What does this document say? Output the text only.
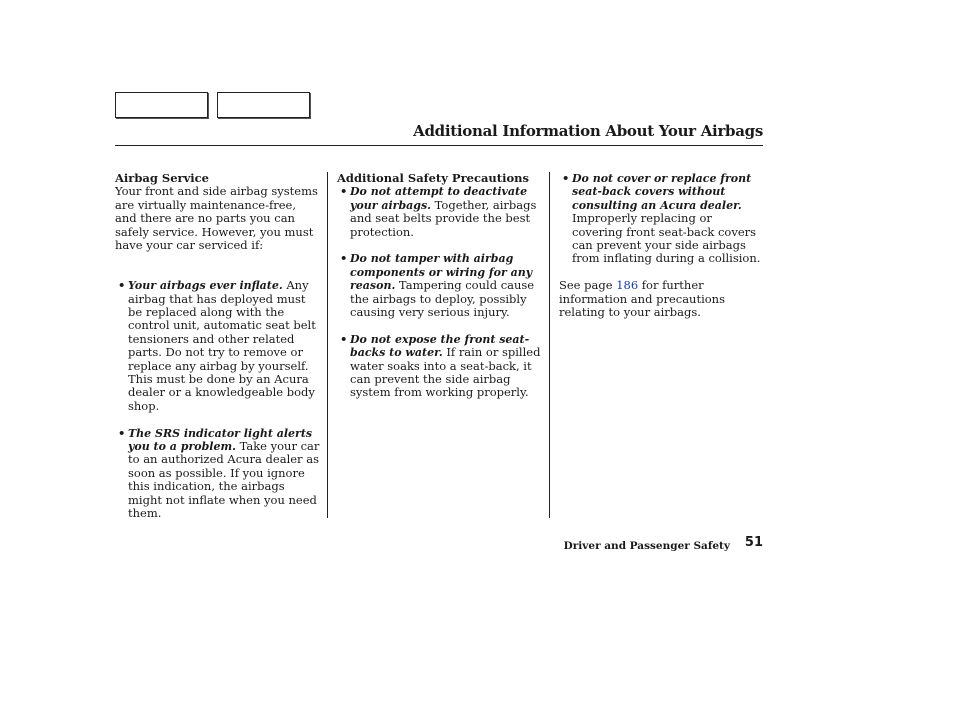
Additional Information About Your Airbags

Airbag Service

Your front and side airbag systems are virtually maintenance-free, and there are no parts you can safely service. However, you must have your car serviced if:

• Your airbags ever inflate. Any airbag that has deployed must be replaced along with the control unit, automatic seat belt tensioners and other related parts. Do not try to remove or replace any airbag by yourself. This must be done by an Acura dealer or a knowledgeable body shop.

• The SRS indicator light alerts you to a problem. Take your car to an authorized Acura dealer as soon as possible. If you ignore this indication, the airbags might not inflate when you need them.

Additional Safety Precautions

• Do not attempt to deactivate your airbags. Together, airbags and seat belts provide the best protection.

• Do not tamper with airbag components or wiring for any reason. Tampering could cause the airbags to deploy, possibly causing very serious injury.

• Do not expose the front seat-backs to water. If rain or spilled water soaks into a seat-back, it can prevent the side airbag system from working properly.

• Do not cover or replace front seat-back covers without consulting an Acura dealer. Improperly replacing or covering front seat-back covers can prevent your side airbags from inflating during a collision.

See page 186 for further information and precautions relating to your airbags.

Driver and Passenger Safety	51
